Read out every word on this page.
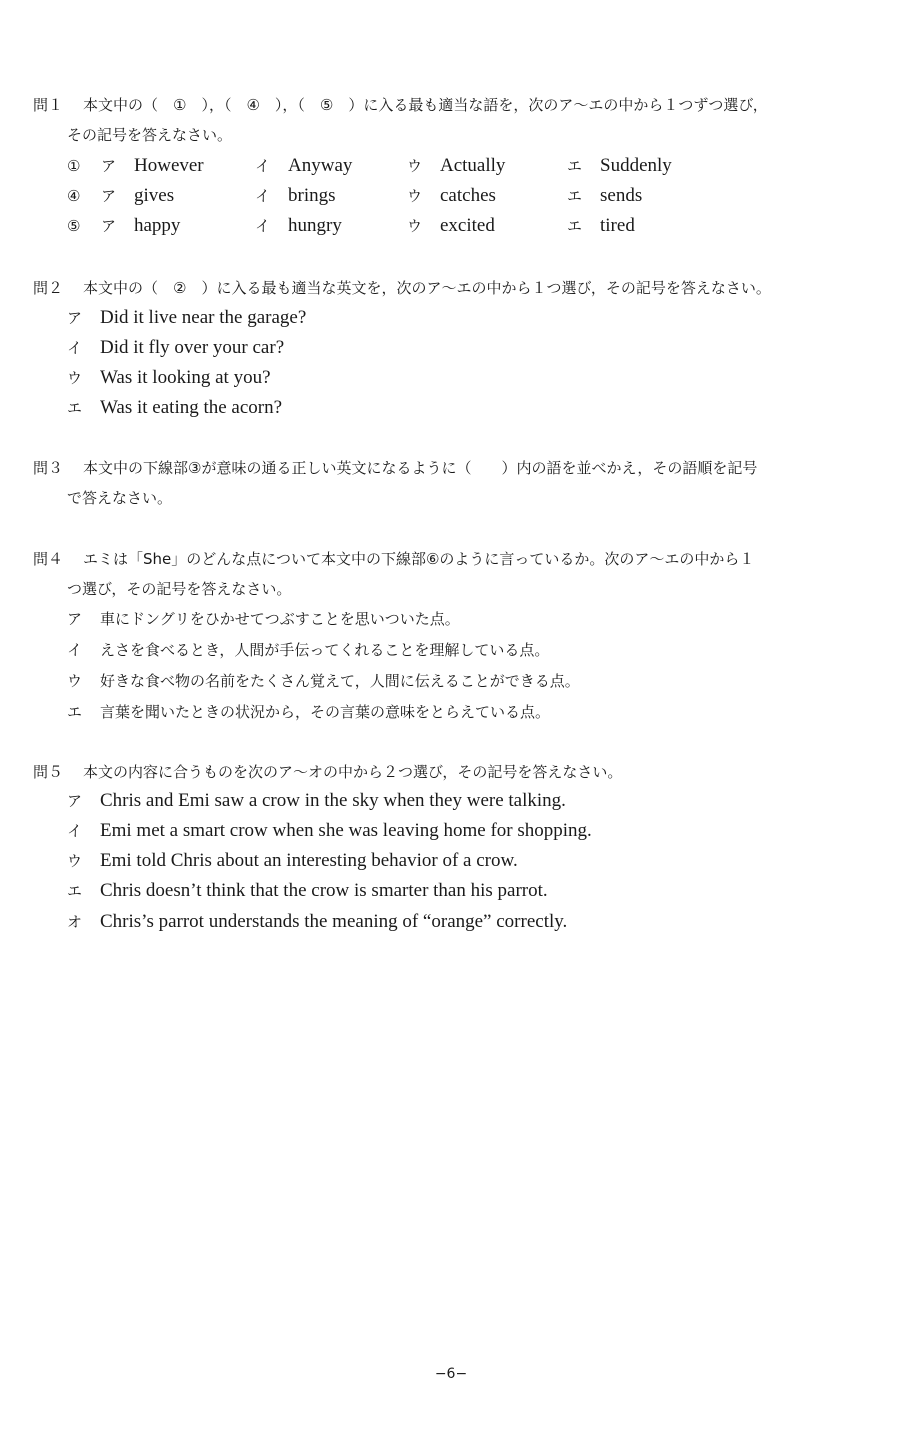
問１ 本文中の（　①　），（　④　），（　⑤　）に入る最も適当な語を，次のア～エの中から１つずつ選び，
その記号を答えなさい。
① ア However	イ Anyway	ウ Actually	エ Suddenly
④ ア gives	イ brings	ウ catches	エ sends
⑤ ア happy	イ hungry	ウ excited	エ tired
問２ 本文中の（　②　）に入る最も適当な英文を，次のア～エの中から１つ選び，その記号を答えなさい。
ア Did it live near the garage?
イ Did it fly over your car?
ウ Was it looking at you?
エ Was it eating the acorn?
問３ 本文中の下線部③が意味の通る正しい英文になるように（　　）内の語を並べかえ，その語順を記号
で答えなさい。
問４ エミは「She」のどんな点について本文中の下線部⑥のように言っているか。次のア～エの中から１
つ選び，その記号を答えなさい。
ア 車にドングリをひかせてつぶすことを思いついた点。
イ えさを食べるとき，人間が手伝ってくれることを理解している点。
ウ 好きな食べ物の名前をたくさん覚えて，人間に伝えることができる点。
エ 言葉を聞いたときの状況から，その言葉の意味をとらえている点。
問５ 本文の内容に合うものを次のア～オの中から２つ選び，その記号を答えなさい。
ア Chris and Emi saw a crow in the sky when they were talking.
イ Emi met a smart crow when she was leaving home for shopping.
ウ Emi told Chris about an interesting behavior of a crow.
エ Chris doesn’t think that the crow is smarter than his parrot.
オ Chris’s parrot understands the meaning of “orange” correctly.
−6−
